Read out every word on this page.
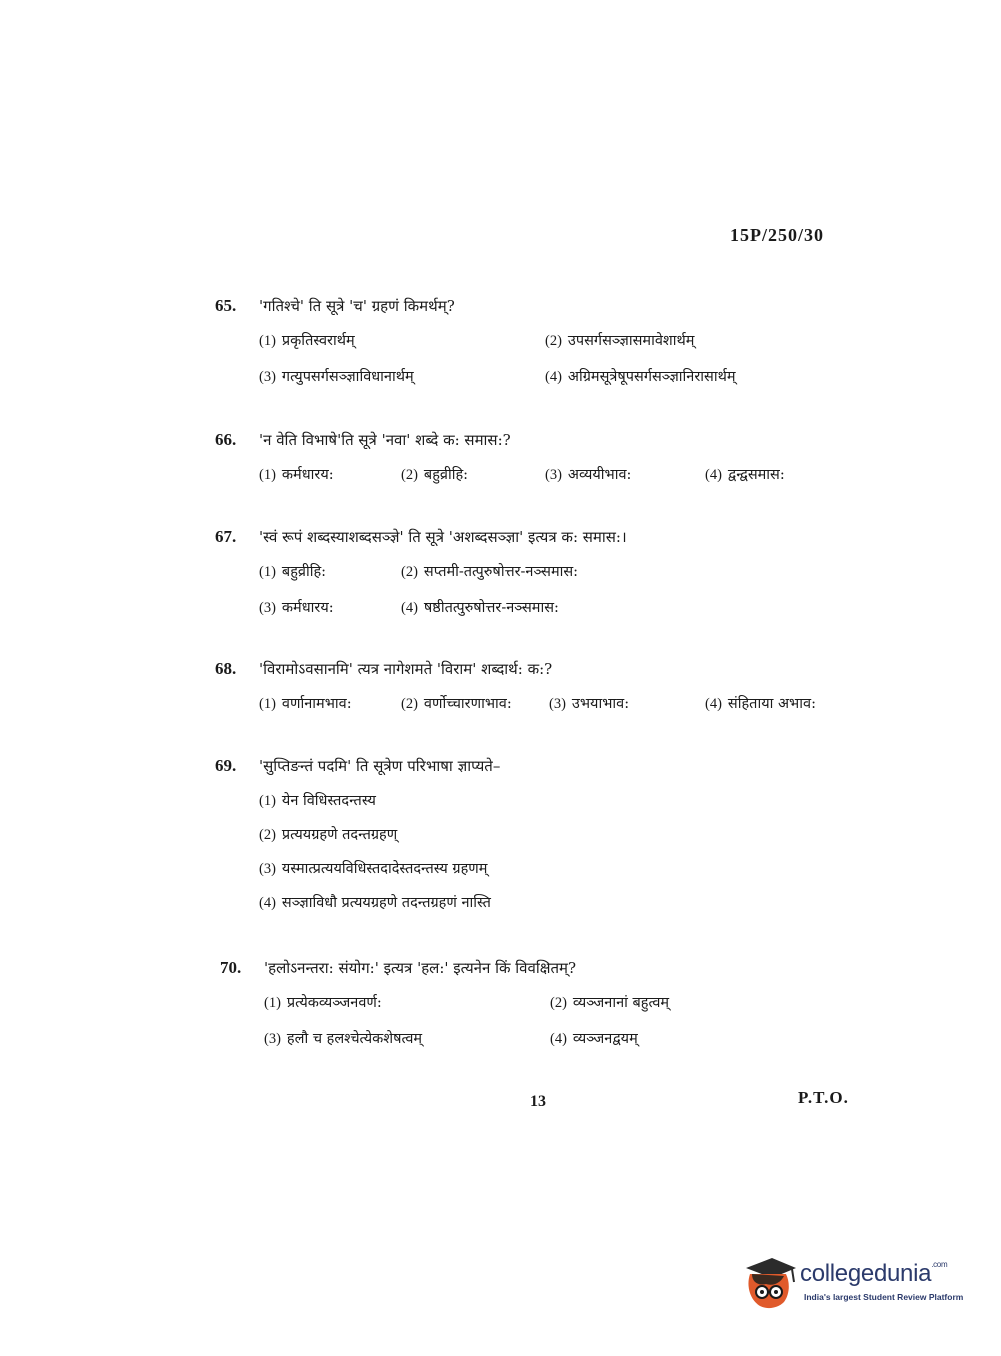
15P/250/30
65.	'गतिश्चे' ति सूत्रे 'च' ग्रहणं किमर्थम्?
(1) प्रकृतिस्वरार्थम्	(2) उपसर्गसञ्ज्ञासमावेशार्थम्
(3) गत्युपसर्गसञ्ज्ञाविधानार्थम्	(4) अग्रिमसूत्रेषूपसर्गसञ्ज्ञानिरासार्थम्
66.	'न वेति विभाषे'ति सूत्रे 'नवा' शब्दे क: समास:?
(1) कर्मधारय:	(2) बहुव्रीहि:	(3) अव्ययीभाव:	(4) द्वन्द्वसमास:
67.	'स्वं रूपं शब्दस्याशब्दसञ्ज्ञे' ति सूत्रे 'अशब्दसञ्ज्ञा' इत्यत्र क: समास:।
(1) बहुव्रीहि:	(2) सप्तमी-तत्पुरुषोत्तर-नञ्समास:
(3) कर्मधारय:	(4) षष्ठीतत्पुरुषोत्तर-नञ्समास:
68.	'विरामोऽवसानमि' त्यत्र नागेशमते 'विराम' शब्दार्थ: क:?
(1) वर्णानामभाव:	(2) वर्णोच्चारणाभाव:	(3) उभयाभाव:	(4) संहिताया अभाव:
69.	'सुप्तिङन्तं पदमि' ति सूत्रेण परिभाषा ज्ञाप्यते–
(1) येन विधिस्तदन्तस्य
(2) प्रत्ययग्रहणे तदन्तग्रहण्
(3) यस्मात्प्रत्ययविधिस्तदादेस्तदन्तस्य ग्रहणम्
(4) सञ्ज्ञाविधौ प्रत्ययग्रहणे तदन्तग्रहणं नास्ति
70.	'हलोऽनन्तरा: संयोग:' इत्यत्र 'हल:' इत्यनेन किं विवक्षितम्?
(1) प्रत्येकव्यञ्जनवर्ण:	(2) व्यञ्जनानां बहुत्वम्
(3) हलौ च हलश्चेत्येकशेषत्वम्	(4) व्यञ्जनद्वयम्
13	P.T.O.
collegedunia$^{.com}$
India's largest Student Review Platform
